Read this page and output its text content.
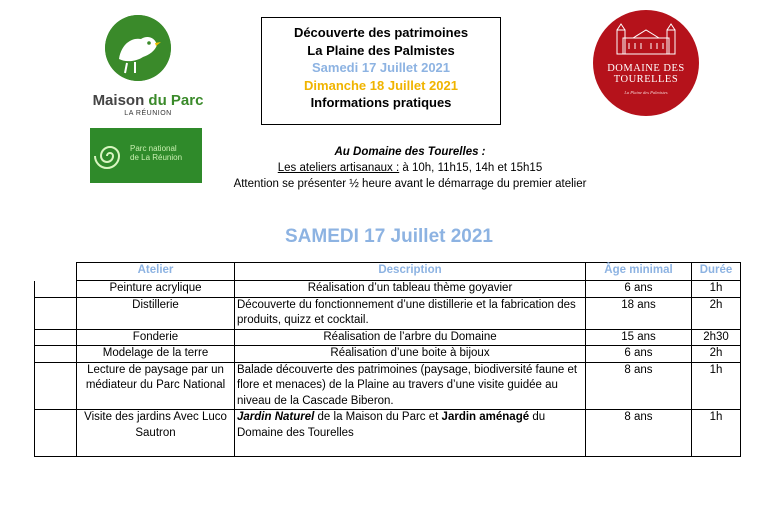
Maison du Parc
LA RÉUNION
Parc national
de La Réunion
Découverte des patrimoines
La Plaine des Palmistes
Samedi 17 Juillet 2021
Dimanche 18 Juillet 2021
Informations pratiques
DOMAINE DES
TOURELLES
La Plaine des Palmistes
Au Domaine des Tourelles :
Les ateliers artisanaux : à 10h, 11h15, 14h et 15h15
Attention se présenter ½ heure avant le démarrage du premier atelier
SAMEDI 17 Juillet 2021
	Atelier	Description	Âge minimal	Durée
	Peinture acrylique	Réalisation d’un tableau thème goyavier	6 ans	1h
	Distillerie	Découverte du fonctionnement d’une distillerie et la fabrication des produits, quizz et cocktail.	18 ans	2h
	Fonderie	Réalisation de l’arbre du Domaine	15 ans	2h30
	Modelage de la terre	Réalisation d’une boite à bijoux	6 ans	2h
	Lecture de paysage par un médiateur du Parc National	Balade découverte des patrimoines (paysage, biodiversité faune et flore et menaces) de la Plaine au travers d’une visite guidée au niveau de la Cascade Biberon.	8 ans	1h
	Visite des jardins Avec Luco Sautron	Jardin Naturel de la Maison du Parc et Jardin aménagé du Domaine des Tourelles	8 ans	1h
